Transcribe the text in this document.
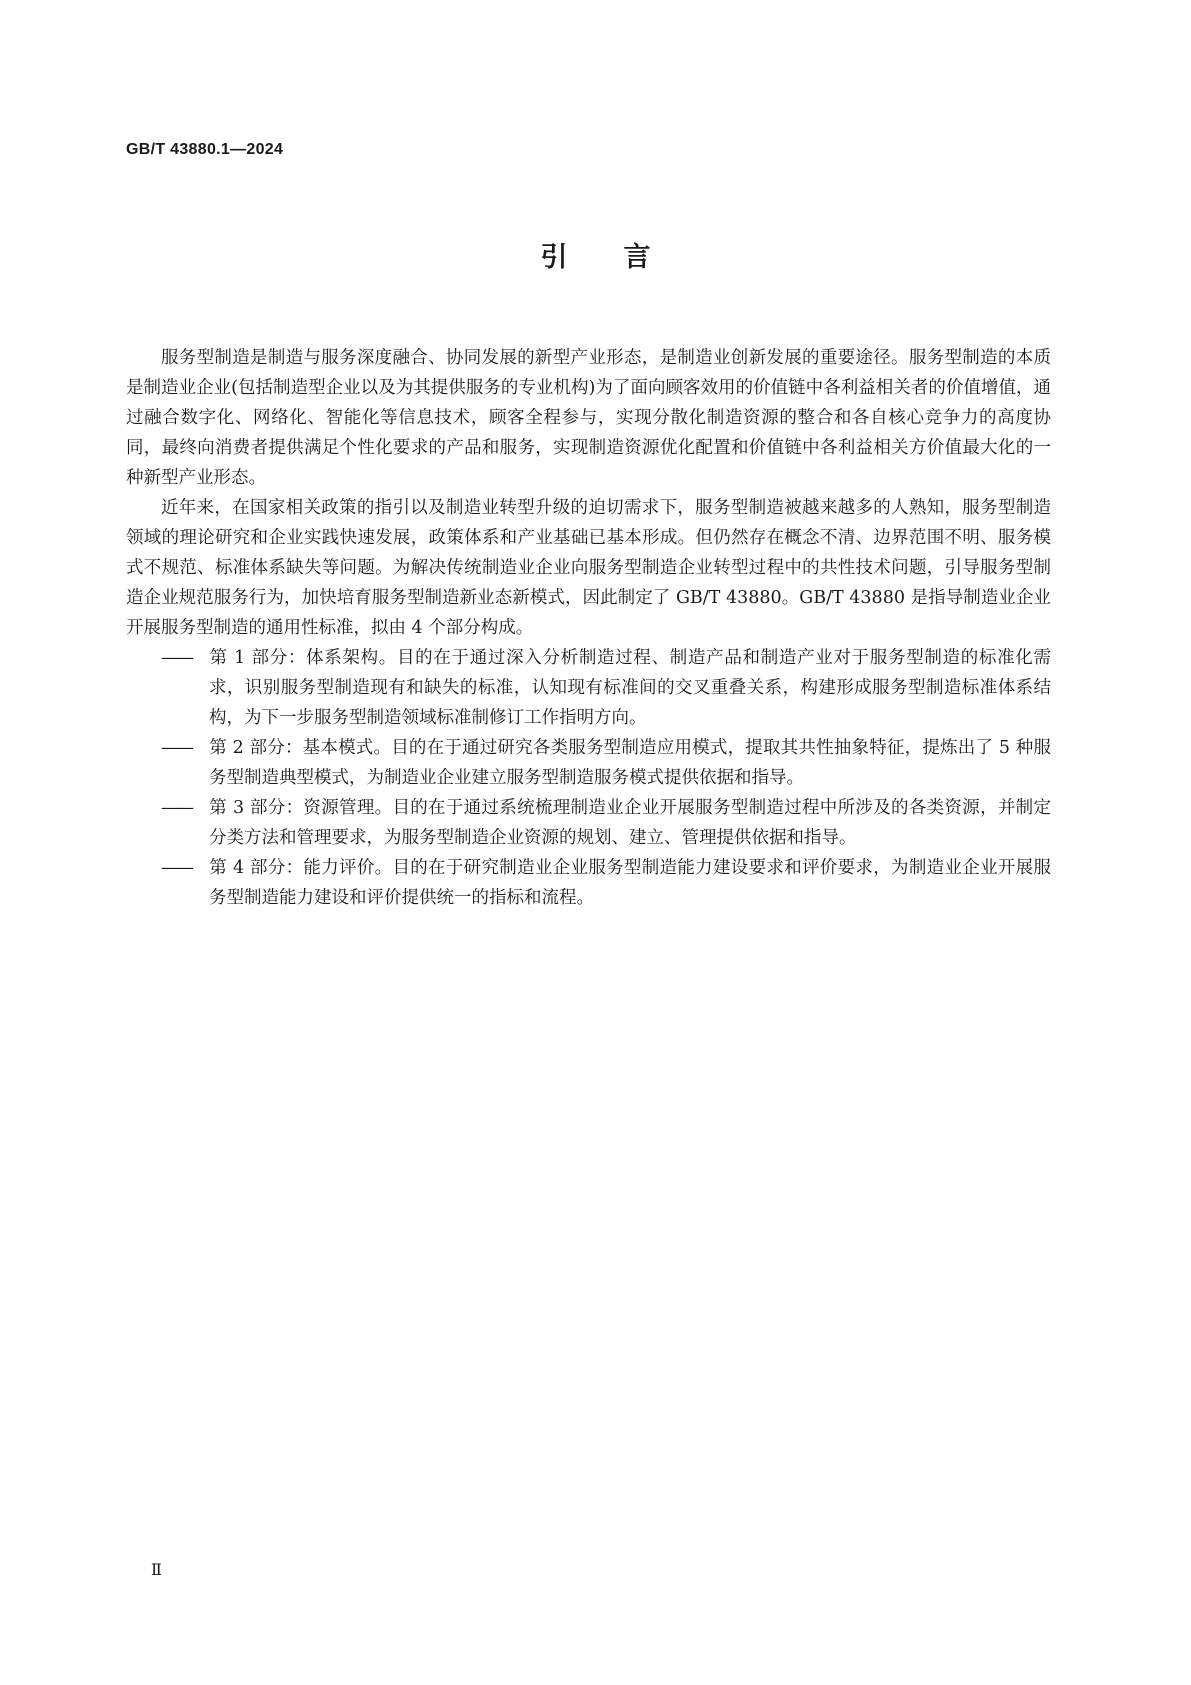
GB/T 43880.1—2024

引言

服务型制造是制造与服务深度融合、协同发展的新型产业形态，是制造业创新发展的重要途径。服务型制造的本质是制造业企业(包括制造型企业以及为其提供服务的专业机构)为了面向顾客效用的价值链中各利益相关者的价值增值，通过融合数字化、网络化、智能化等信息技术，顾客全程参与，实现分散化制造资源的整合和各自核心竞争力的高度协同，最终向消费者提供满足个性化要求的产品和服务，实现制造资源优化配置和价值链中各利益相关方价值最大化的一种新型产业形态。

近年来，在国家相关政策的指引以及制造业转型升级的迫切需求下，服务型制造被越来越多的人熟知，服务型制造领域的理论研究和企业实践快速发展，政策体系和产业基础已基本形成。但仍然存在概念不清、边界范围不明、服务模式不规范、标准体系缺失等问题。为解决传统制造业企业向服务型制造企业转型过程中的共性技术问题，引导服务型制造企业规范服务行为，加快培育服务型制造新业态新模式，因此制定了 GB/T 43880。GB/T 43880 是指导制造业企业开展服务型制造的通用性标准，拟由 4 个部分构成。

—— 第 1 部分：体系架构。目的在于通过深入分析制造过程、制造产品和制造产业对于服务型制造的标准化需求，识别服务型制造现有和缺失的标准，认知现有标准间的交叉重叠关系，构建形成服务型制造标准体系结构，为下一步服务型制造领域标准制修订工作指明方向。
—— 第 2 部分：基本模式。目的在于通过研究各类服务型制造应用模式，提取其共性抽象特征，提炼出了 5 种服务型制造典型模式，为制造业企业建立服务型制造服务模式提供依据和指导。
—— 第 3 部分：资源管理。目的在于通过系统梳理制造业企业开展服务型制造过程中所涉及的各类资源，并制定分类方法和管理要求，为服务型制造企业资源的规划、建立、管理提供依据和指导。
—— 第 4 部分：能力评价。目的在于研究制造业企业服务型制造能力建设要求和评价要求，为制造业企业开展服务型制造能力建设和评价提供统一的指标和流程。

Ⅱ
